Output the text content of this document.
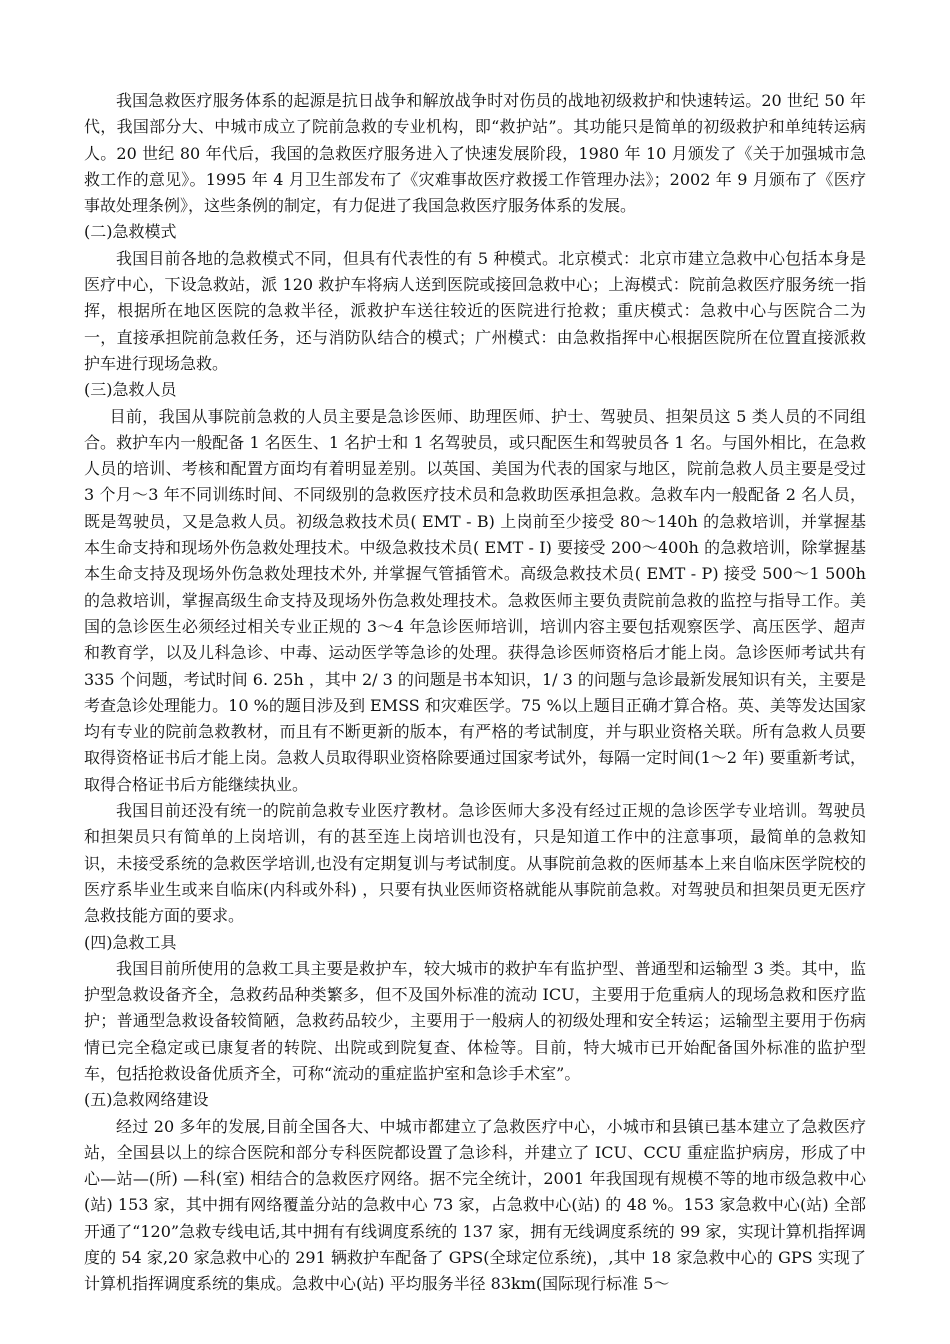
我国急救医疗服务体系的起源是抗日战争和解放战争时对伤员的战地初级救护和快速转运。20 世纪 50 年代，我国部分大、中城市成立了院前急救的专业机构，即“救护站”。其功能只是简单的初级救护和单纯转运病人。20 世纪 80 年代后，我国的急救医疗服务进入了快速发展阶段，1980 年 10 月颁发了《关于加强城市急救工作的意见》。1995 年 4 月卫生部发布了《灾难事故医疗救援工作管理办法》；2002 年 9 月颁布了《医疗事故处理条例》，这些条例的制定，有力促进了我国急救医疗服务体系的发展。

(二)急救模式

我国目前各地的急救模式不同，但具有代表性的有 5 种模式。北京模式：北京市建立急救中心包括本身是医疗中心，下设急救站，派 120 救护车将病人送到医院或接回急救中心；上海模式：院前急救医疗服务统一指挥，根据所在地区医院的急救半径，派救护车送往较近的医院进行抢救；重庆模式：急救中心与医院合二为一，直接承担院前急救任务，还与消防队结合的模式；广州模式：由急救指挥中心根据医院所在位置直接派救护车进行现场急救。

(三)急救人员

目前，我国从事院前急救的人员主要是急诊医师、助理医师、护士、驾驶员、担架员这 5 类人员的不同组合。救护车内一般配备 1 名医生、1 名护士和 1 名驾驶员，或只配医生和驾驶员各 1 名。与国外相比，在急救人员的培训、考核和配置方面均有着明显差别。以英国、美国为代表的国家与地区，院前急救人员主要是受过 3 个月～3 年不同训练时间、不同级别的急救医疗技术员和急救助医承担急救。急救车内一般配备 2 名人员，既是驾驶员，又是急救人员。初级急救技术员( EMT - B) 上岗前至少接受 80～140h 的急救培训，并掌握基本生命支持和现场外伤急救处理技术。中级急救技术员( EMT - I) 要接受 200～400h 的急救培训，除掌握基本生命支持及现场外伤急救处理技术外, 并掌握气管插管术。高级急救技术员( EMT - P) 接受 500～1 500h 的急救培训，掌握高级生命支持及现场外伤急救处理技术。急救医师主要负责院前急救的监控与指导工作。美国的急诊医生必须经过相关专业正规的 3～4 年急诊医师培训，培训内容主要包括观察医学、高压医学、超声和教育学，以及儿科急诊、中毒、运动医学等急诊的处理。获得急诊医师资格后才能上岗。急诊医师考试共有 335 个问题，考试时间 6. 25h ，其中 2/ 3 的问题是书本知识，1/ 3 的问题与急诊最新发展知识有关，主要是考查急诊处理能力。10 %的题目涉及到 EMSS 和灾难医学。75 %以上题目正确才算合格。英、美等发达国家均有专业的院前急救教材，而且有不断更新的版本，有严格的考试制度，并与职业资格关联。所有急救人员要取得资格证书后才能上岗。急救人员取得职业资格除要通过国家考试外，每隔一定时间(1～2 年) 要重新考试，取得合格证书后方能继续执业。

我国目前还没有统一的院前急救专业医疗教材。急诊医师大多没有经过正规的急诊医学专业培训。驾驶员和担架员只有简单的上岗培训，有的甚至连上岗培训也没有，只是知道工作中的注意事项，最简单的急救知识，未接受系统的急救医学培训,也没有定期复训与考试制度。从事院前急救的医师基本上来自临床医学院校的医疗系毕业生或来自临床(内科或外科) ，只要有执业医师资格就能从事院前急救。对驾驶员和担架员更无医疗急救技能方面的要求。

(四)急救工具

我国目前所使用的急救工具主要是救护车，较大城市的救护车有监护型、普通型和运输型 3 类。其中，监护型急救设备齐全，急救药品种类繁多，但不及国外标准的流动 ICU，主要用于危重病人的现场急救和医疗监护；普通型急救设备较简陋，急救药品较少，主要用于一般病人的初级处理和安全转运；运输型主要用于伤病情已完全稳定或已康复者的转院、出院或到院复查、体检等。目前，特大城市已开始配备国外标准的监护型车，包括抢救设备优质齐全，可称“流动的重症监护室和急诊手术室”。

(五)急救网络建设

经过 20 多年的发展,目前全国各大、中城市都建立了急救医疗中心，小城市和县镇已基本建立了急救医疗站，全国县以上的综合医院和部分专科医院都设置了急诊科，并建立了 ICU、CCU 重症监护病房，形成了中心—站—(所) —科(室) 相结合的急救医疗网络。据不完全统计，2001 年我国现有规模不等的地市级急救中心(站) 153 家，其中拥有网络覆盖分站的急救中心 73 家，占急救中心(站) 的 48 %。153 家急救中心(站) 全部开通了“120”急救专线电话,其中拥有有线调度系统的 137 家，拥有无线调度系统的 99 家，实现计算机指挥调度的 54 家,20 家急救中心的 291 辆救护车配备了 GPS(全球定位系统)，,其中 18 家急救中心的 GPS 实现了计算机指挥调度系统的集成。急救中心(站) 平均服务半径 83km(国际现行标准 5～
